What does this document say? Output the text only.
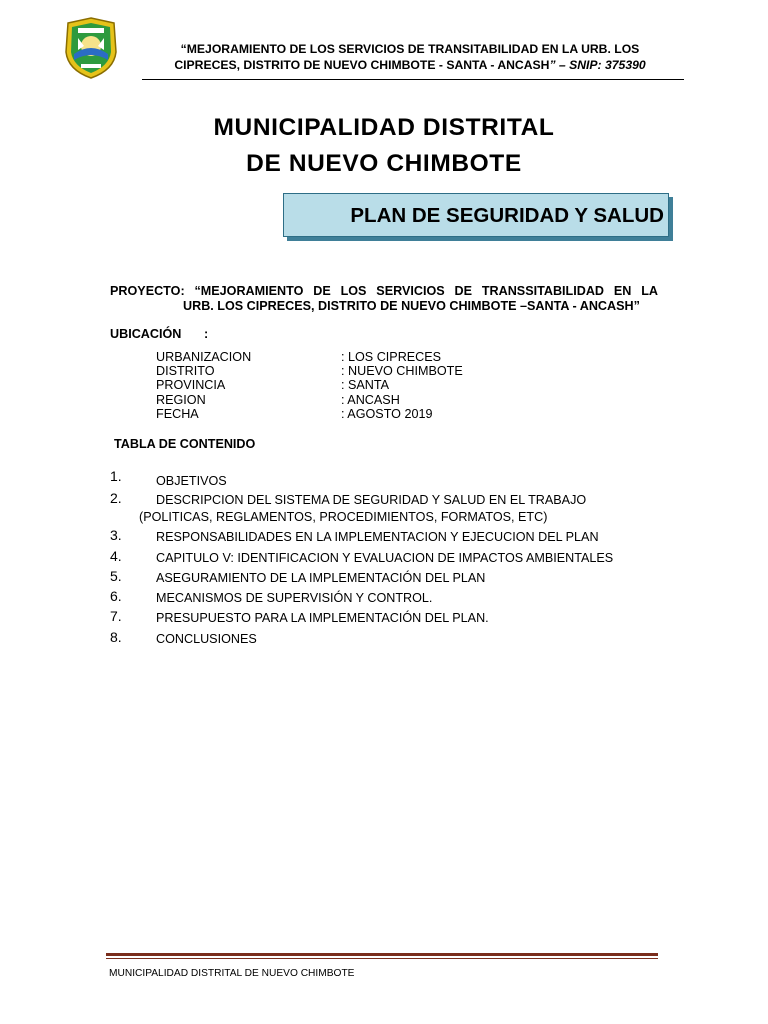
“MEJORAMIENTO DE LOS SERVICIOS DE TRANSITABILIDAD EN LA URB. LOS
CIPRECES, DISTRITO DE NUEVO CHIMBOTE - SANTA - ANCASH” – SNIP: 375390
MUNICIPALIDAD DISTRITAL
DE NUEVO CHIMBOTE
PLAN DE SEGURIDAD Y SALUD
PROYECTO: “MEJORAMIENTO DE LOS SERVICIOS DE TRANSSITABILIDAD EN LA
URB. LOS CIPRECES, DISTRITO DE NUEVO CHIMBOTE –SANTA - ANCASH”
UBICACIÓN :
URBANIZACION	: LOS CIPRECES
DISTRITO	: NUEVO CHIMBOTE
PROVINCIA	: SANTA
REGION	: ANCASH
FECHA	: AGOSTO 2019
TABLA DE CONTENIDO
1.	OBJETIVOS
2.	DESCRIPCION DEL SISTEMA DE SEGURIDAD Y SALUD EN EL TRABAJO
(POLITICAS, REGLAMENTOS, PROCEDIMIENTOS, FORMATOS, ETC)
3.	RESPONSABILIDADES EN LA IMPLEMENTACION Y EJECUCION DEL PLAN
4.	CAPITULO V: IDENTIFICACION Y EVALUACION DE IMPACTOS AMBIENTALES
5.	ASEGURAMIENTO DE LA IMPLEMENTACIÓN DEL PLAN
6.	MECANISMOS DE SUPERVISIÓN Y CONTROL.
7.	PRESUPUESTO PARA LA IMPLEMENTACIÓN DEL PLAN.
8.	CONCLUSIONES
MUNICIPALIDAD DISTRITAL DE NUEVO CHIMBOTE
